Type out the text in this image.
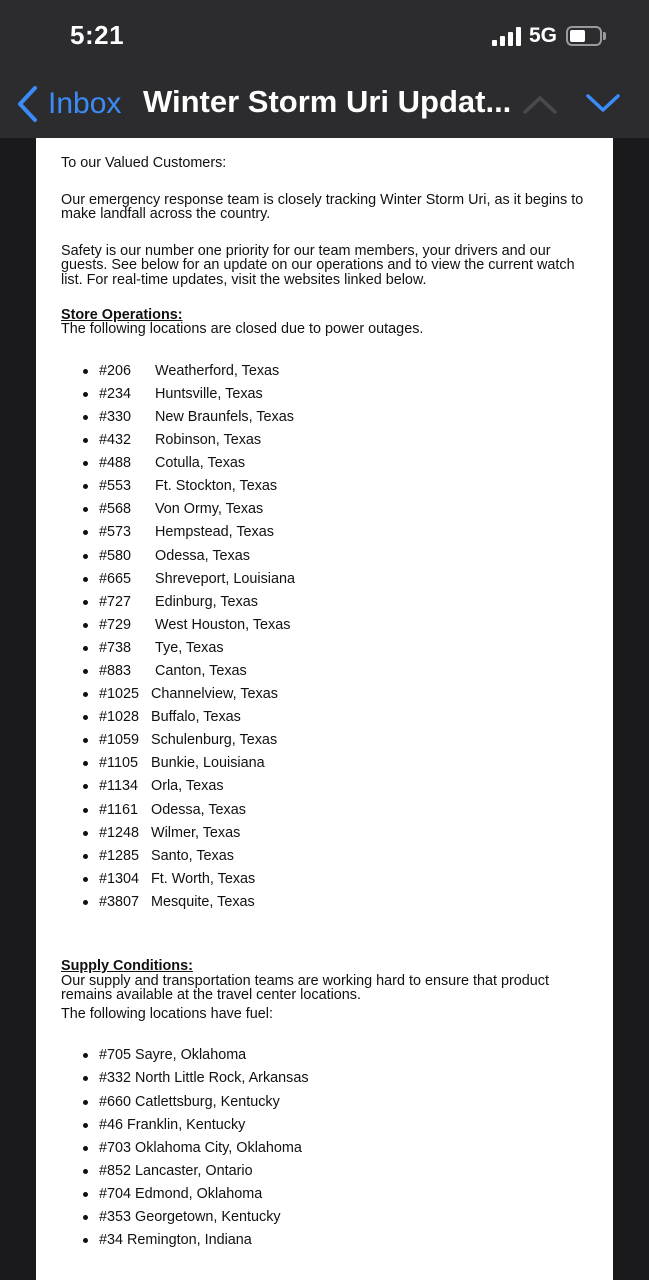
5:21	5G
Inbox Winter Storm Uri Updat...
To our Valued Customers:
Our emergency response team is closely tracking Winter Storm Uri, as it begins to make landfall across the country.
Safety is our number one priority for our team members, your drivers and our guests. See below for an update on our operations and to view the current watch list. For real-time updates, visit the websites linked below.
Store Operations:
The following locations are closed due to power outages.
#206 Weatherford, Texas
#234 Huntsville, Texas
#330 New Braunfels, Texas
#432 Robinson, Texas
#488 Cotulla, Texas
#553 Ft. Stockton, Texas
#568 Von Ormy, Texas
#573 Hempstead, Texas
#580 Odessa, Texas
#665 Shreveport, Louisiana
#727 Edinburg, Texas
#729 West Houston, Texas
#738 Tye, Texas
#883 Canton, Texas
#1025 Channelview, Texas
#1028 Buffalo, Texas
#1059 Schulenburg, Texas
#1105 Bunkie, Louisiana
#1134 Orla, Texas
#1161 Odessa, Texas
#1248 Wilmer, Texas
#1285 Santo, Texas
#1304 Ft. Worth, Texas
#3807 Mesquite, Texas
Supply Conditions:
Our supply and transportation teams are working hard to ensure that product remains available at the travel center locations.
The following locations have fuel:
#705 Sayre, Oklahoma
#332 North Little Rock, Arkansas
#660 Catlettsburg, Kentucky
#46 Franklin, Kentucky
#703 Oklahoma City, Oklahoma
#852 Lancaster, Ontario
#704 Edmond, Oklahoma
#353 Georgetown, Kentucky
#34 Remington, Indiana
